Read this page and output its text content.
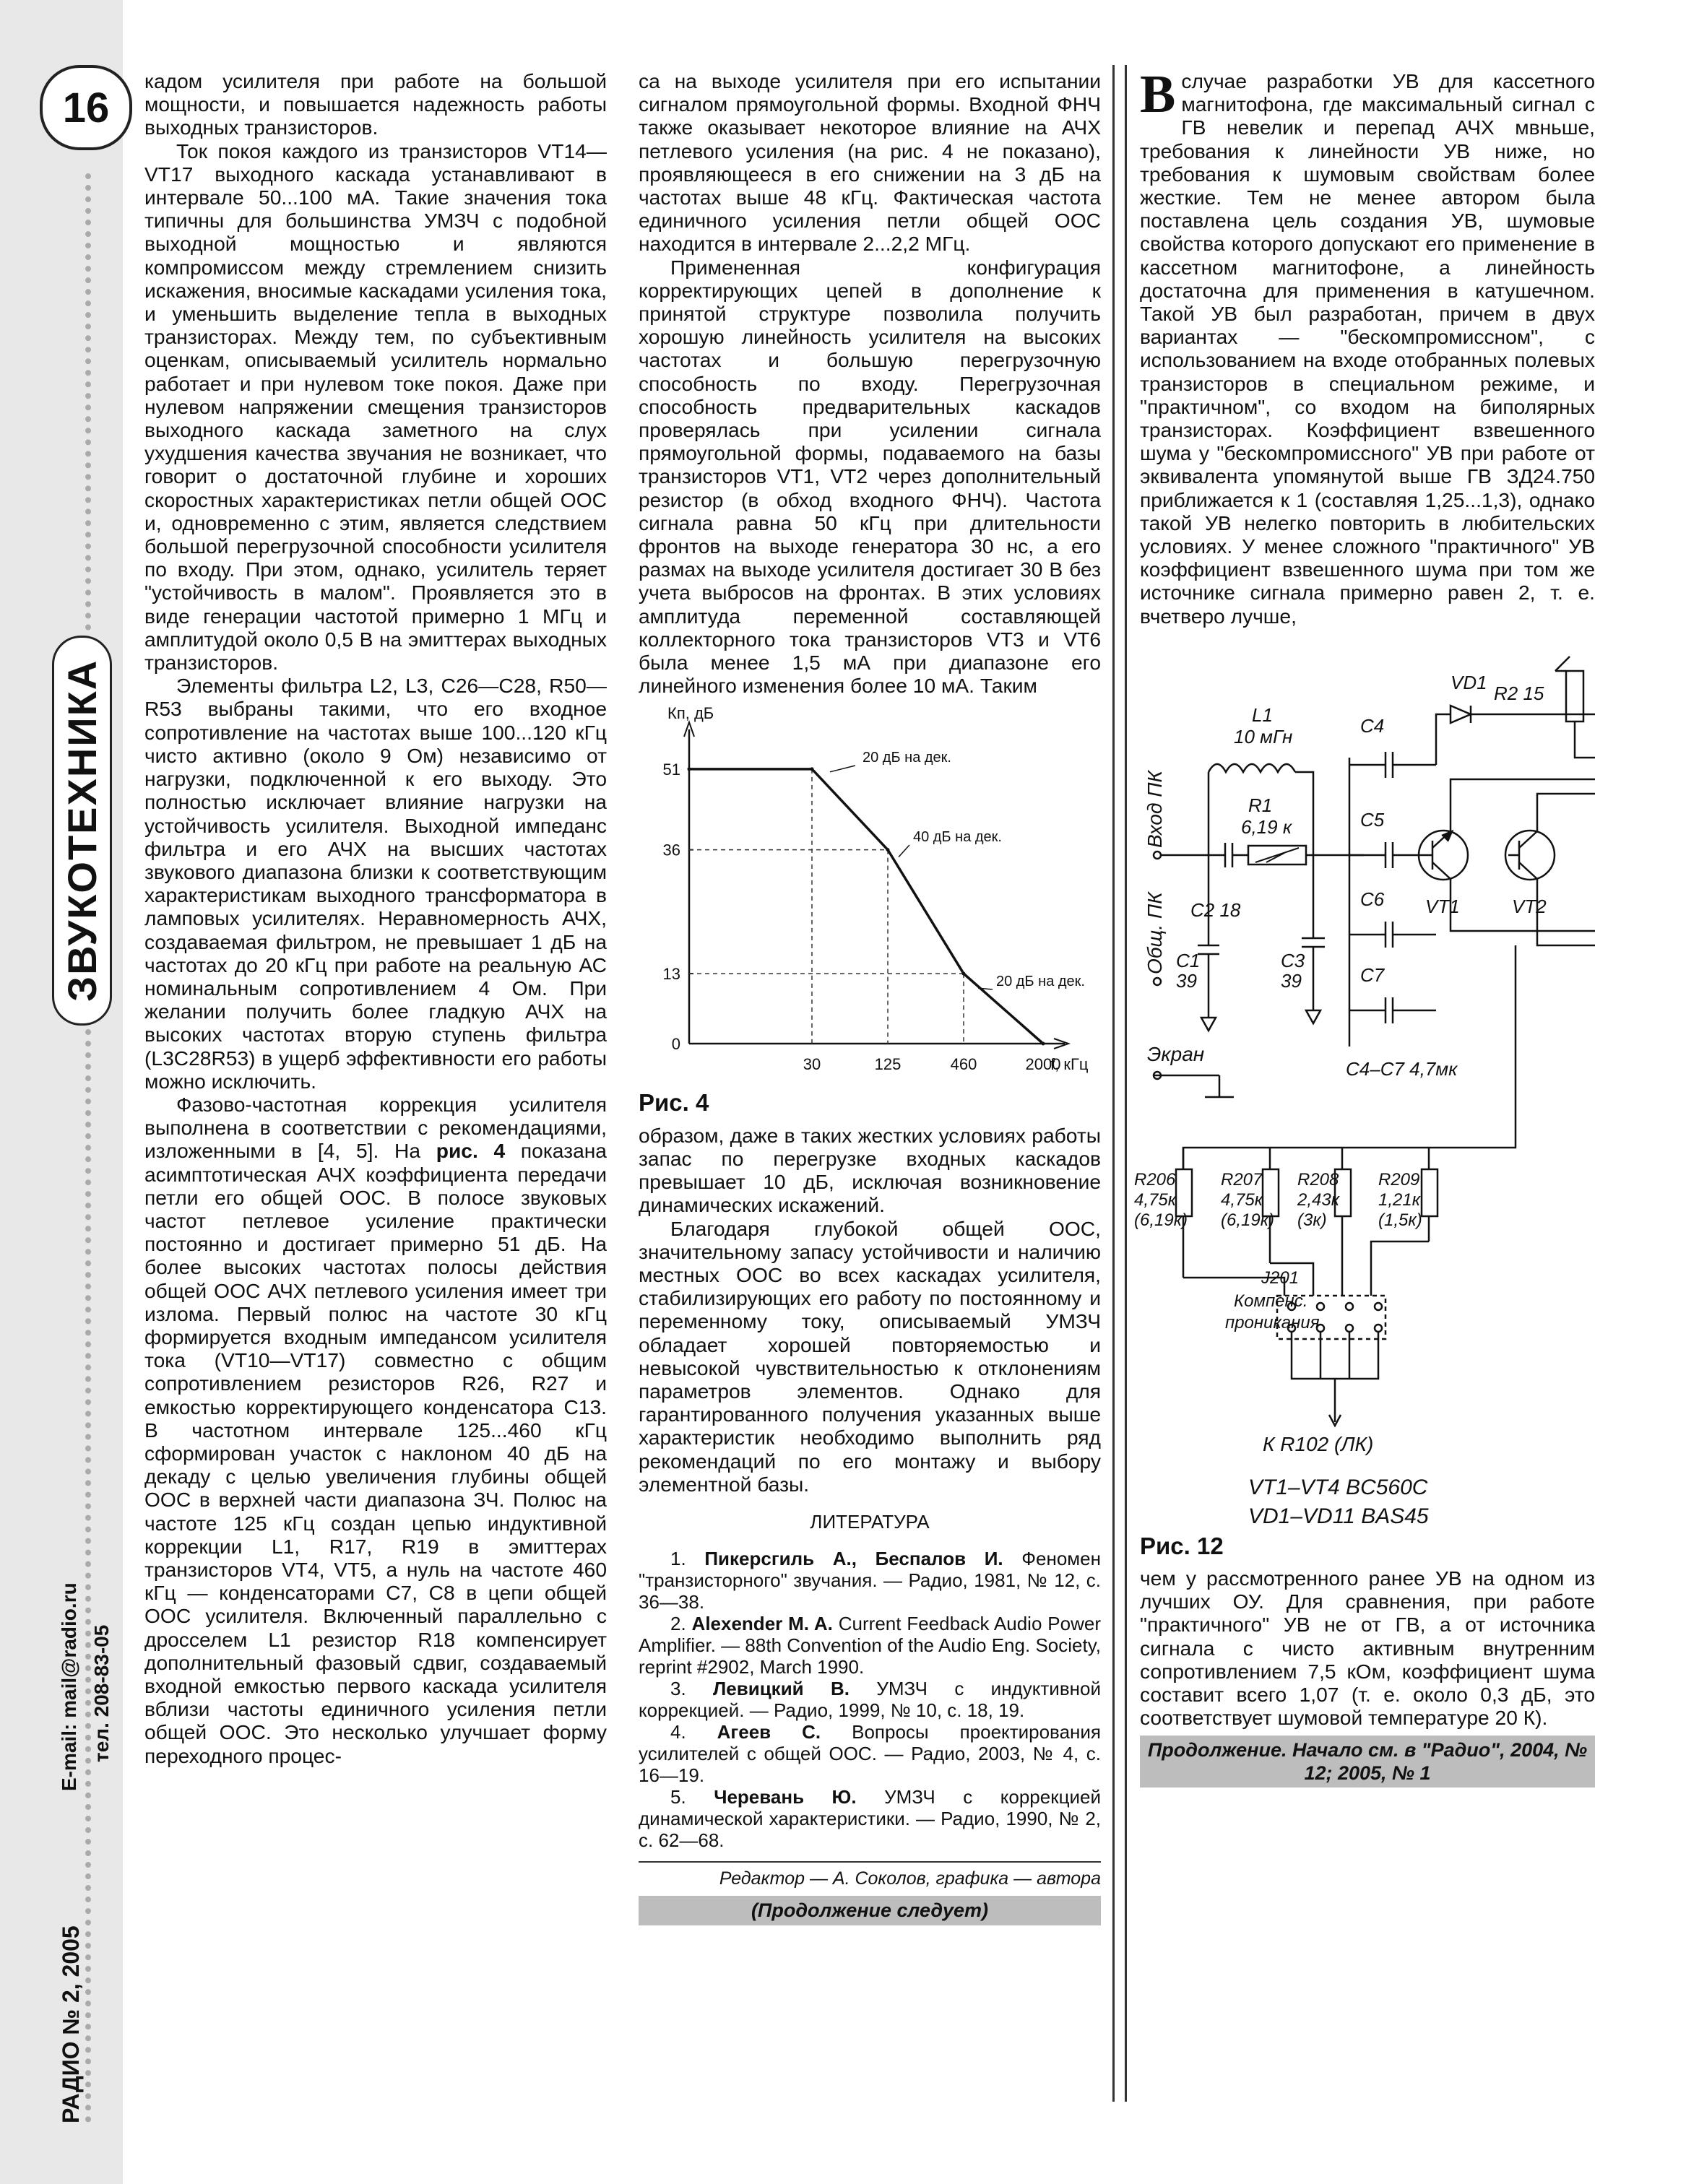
16
ЗВУКОТЕХНИКА
E-mail: mail@radio.ru тел. 208-83-05
РАДИО № 2, 2005

кадом усилителя при работе на большой мощности, и повышается надежность работы выходных транзисторов.

Ток покоя каждого из транзисторов VT14—VT17 выходного каскада устанавливают в интервале 50...100 мА. Такие значения тока типичны для большинства УМЗЧ с подобной выходной мощностью и являются компромиссом между стремлением снизить искажения, вносимые каскадами усиления тока, и уменьшить выделение тепла в выходных транзисторах. Между тем, по субъективным оценкам, описываемый усилитель нормально работает и при нулевом токе покоя. Даже при нулевом напряжении смещения транзисторов выходного каскада заметного на слух ухудшения качества звучания не возникает, что говорит о достаточной глубине и хороших скоростных характеристиках петли общей ООС и, одновременно с этим, является следствием большой перегрузочной способности усилителя по входу. При этом, однако, усилитель теряет "устойчивость в малом". Проявляется это в виде генерации частотой примерно 1 МГц и амплитудой около 0,5 В на эмиттерах выходных транзисторов.

Элементы фильтра L2, L3, С26—С28, R50—R53 выбраны такими, что его входное сопротивление на частотах выше 100...120 кГц чисто активно (около 9 Ом) независимо от нагрузки, подключенной к его выходу. Это полностью исключает влияние нагрузки на устойчивость усилителя. Выходной импеданс фильтра и его АЧХ на высших частотах звукового диапазона близки к соответствующим характеристикам выходного трансформатора в ламповых усилителях. Неравномерность АЧХ, создаваемая фильтром, не превышает 1 дБ на частотах до 20 кГц при работе на реальную АС номинальным сопротивлением 4 Ом. При желании получить более гладкую АЧХ на высоких частотах вторую ступень фильтра (L3C28R53) в ущерб эффективности его работы можно исключить.

Фазово-частотная коррекция усилителя выполнена в соответствии с рекомендациями, изложенными в [4, 5]. На рис. 4 показана асимптотическая АЧХ коэффициента передачи петли его общей ООС. В полосе звуковых частот петлевое усиление практически постоянно и достигает примерно 51 дБ. На более высоких частотах полосы действия общей ООС АЧХ петлевого усиления имеет три излома. Первый полюс на частоте 30 кГц формируется входным импедансом усилителя тока (VT10—VT17) совместно с общим сопротивлением резисторов R26, R27 и емкостью корректирующего конденсатора С13. В частотном интервале 125...460 кГц сформирован участок с наклоном 40 дБ на декаду с целью увеличения глубины общей ООС в верхней части диапазона ЗЧ. Полюс на частоте 125 кГц создан цепью индуктивной коррекции L1, R17, R19 в эмиттерах транзисторов VT4, VT5, а нуль на частоте 460 кГц — конденсаторами С7, С8 в цепи общей ООС усилителя. Включенный параллельно с дросселем L1 резистор R18 компенсирует дополнительный фазовый сдвиг, создаваемый входной емкостью первого каскада усилителя вблизи частоты единичного усиления петли общей ООС. Это несколько улучшает форму переходного процес-

са на выходе усилителя при его испытании сигналом прямоугольной формы. Входной ФНЧ также оказывает некоторое влияние на АЧХ петлевого усиления (на рис. 4 не показано), проявляющееся в его снижении на 3 дБ на частотах выше 48 кГц. Фактическая частота единичного усиления петли общей ООС находится в интервале 2...2,2 МГц.

Примененная конфигурация корректирующих цепей в дополнение к принятой структуре позволила получить хорошую линейность усилителя на высоких частотах и большую перегрузочную способность по входу. Перегрузочная способность предварительных каскадов проверялась при усилении сигнала прямоугольной формы, подаваемого на базы транзисторов VT1, VT2 через дополнительный резистор (в обход входного ФНЧ). Частота сигнала равна 50 кГц при длительности фронтов на выходе генератора 30 нс, а его размах на выходе усилителя достигает 30 В без учета выбросов на фронтах. В этих условиях амплитуда переменной составляющей коллекторного тока транзисторов VT3 и VT6 была менее 1,5 мА при диапазоне его линейного изменения более 10 мА. Таким

Кп, дБ
f, кГц
0
13
36
51
30	125	460	2000
20 дБ на дек.
40 дБ на дек.
20 дБ на дек.
Рис. 4

образом, даже в таких жестких условиях работы запас по перегрузке входных каскадов превышает 10 дБ, исключая возникновение динамических искажений.

Благодаря глубокой общей ООС, значительному запасу устойчивости и наличию местных ООС во всех каскадах усилителя, стабилизирующих его работу по постоянному и переменному току, описываемый УМЗЧ обладает хорошей повторяемостью и невысокой чувствительностью к отклонениям параметров элементов. Однако для гарантированного получения указанных выше характеристик необходимо выполнить ряд рекомендаций по его монтажу и выбору элементной базы.

ЛИТЕРАТУРА

1. Пикерсгиль А., Беспалов И. Феномен "транзисторного" звучания. — Радио, 1981, № 12, с. 36—38.

2. Alexender M. A. Current Feedback Audio Power Amplifier. — 88th Convention of the Audio Eng. Society, reprint #2902, March 1990.

3. Левицкий В. УМЗЧ с индуктивной коррекцией. — Радио, 1999, № 10, с. 18, 19.

4. Агеев С. Вопросы проектирования усилителей с общей ООС. — Радио, 2003, № 4, с. 16—19.

5. Черевань Ю. УМЗЧ с коррекцией динамической характеристики. — Радио, 1990, № 2, с. 62—68.

Редактор — А. Соколов, графика — автора
(Продолжение следует)

Вслучае разработки УВ для кассетного магнитофона, где максимальный сигнал с ГВ невелик и перепад АЧХ мвньше, требования к линейности УВ ниже, но требования к шумовым свойствам более жесткие. Тем не менее автором была поставлена цель создания УВ, шумовые свойства которого допускают его применение в кассетном магнитофоне, а линейность достаточна для применения в катушечном. Такой УВ был разработан, причем в двух вариантах — "бескомпромиссном", с использованием на входе отобранных полевых транзисторов в специальном режиме, и "практичном", со входом на биполярных транзисторах. Коэффициент взвешенного шума у "бескомпромиссного" УВ при работе от эквивалента упомянутой выше ГВ ЗД24.750 приближается к 1 (составляя 1,25...1,3), однако такой УВ нелегко повторить в любительских условиях. У менее сложного "практичного" УВ коэффициент взвешенного шума при том же источнике сигнала примерно равен 2, т. е. вчетверо лучше,

Вход ПК
Общ. ПК
Экран
C2 18
R1
6,19 к
L1
10 мГн
C1
39
C3
39
C4
C5
C6
C7
C4–C7 4,7мк
VT1	VT2
VD1 R2 15
R206
4,75к
(6,19к)
R207
4,75к
(6,19к)
R208
2,43к
(3к)
R209
1,21к
(1,5к)
J201
Компенс.
проникания
К R102 (ЛК)
VT1–VT4 BC560C
VD1–VD11 BAS45
Рис. 12

чем у рассмотренного ранее УВ на одном из лучших ОУ. Для сравнения, при работе "практичного" УВ не от ГВ, а от источника сигнала с чисто активным внутренним сопротивлением 7,5 кОм, коэффициент шума составит всего 1,07 (т. е. около 0,3 дБ, это соответствует шумовой температуре 20 К).

Продолжение. Начало см. в "Радио", 2004, № 12; 2005, № 1
